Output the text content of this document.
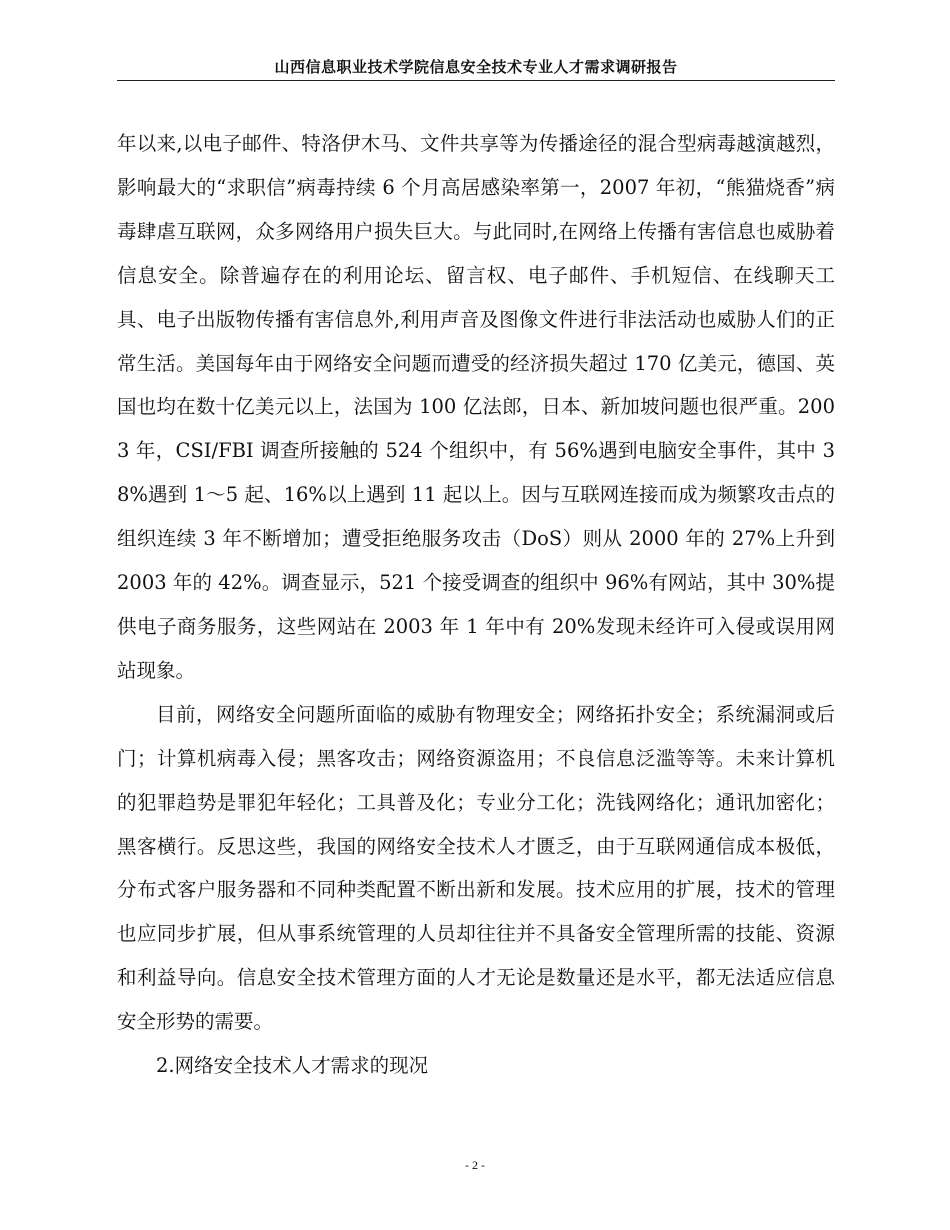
山西信息职业技术学院信息安全技术专业人才需求调研报告

年以来,以电子邮件、特洛伊木马、文件共享等为传播途径的混合型病毒越演越烈，影响最大的“求职信”病毒持续 6 个月高居感染率第一，2007 年初，“熊猫烧香”病毒肆虐互联网，众多网络用户损失巨大。与此同时,在网络上传播有害信息也威胁着信息安全。除普遍存在的利用论坛、留言权、电子邮件、手机短信、在线聊天工具、电子出版物传播有害信息外,利用声音及图像文件进行非法活动也威胁人们的正常生活。美国每年由于网络安全问题而遭受的经济损失超过 170 亿美元，德国、英国也均在数十亿美元以上，法国为 100 亿法郎，日本、新加坡问题也很严重。2003 年，CSI/FBI 调查所接触的 524 个组织中，有 56%遇到电脑安全事件，其中 38%遇到 1～5 起、16%以上遇到 11 起以上。因与互联网连接而成为频繁攻击点的组织连续 3 年不断增加；遭受拒绝服务攻击（DoS）则从 2000 年的 27%上升到 2003 年的 42%。调查显示，521 个接受调查的组织中 96%有网站，其中 30%提供电子商务服务，这些网站在 2003 年 1 年中有 20%发现未经许可入侵或误用网站现象。

目前，网络安全问题所面临的威胁有物理安全；网络拓扑安全；系统漏洞或后门；计算机病毒入侵；黑客攻击；网络资源盗用；不良信息泛滥等等。未来计算机的犯罪趋势是罪犯年轻化；工具普及化；专业分工化；洗钱网络化；通讯加密化；黑客横行。反思这些，我国的网络安全技术人才匮乏，由于互联网通信成本极低，分布式客户服务器和不同种类配置不断出新和发展。技术应用的扩展，技术的管理也应同步扩展，但从事系统管理的人员却往往并不具备安全管理所需的技能、资源和利益导向。信息安全技术管理方面的人才无论是数量还是水平，都无法适应信息安全形势的需要。

2.网络安全技术人才需求的现况

- 2 -
